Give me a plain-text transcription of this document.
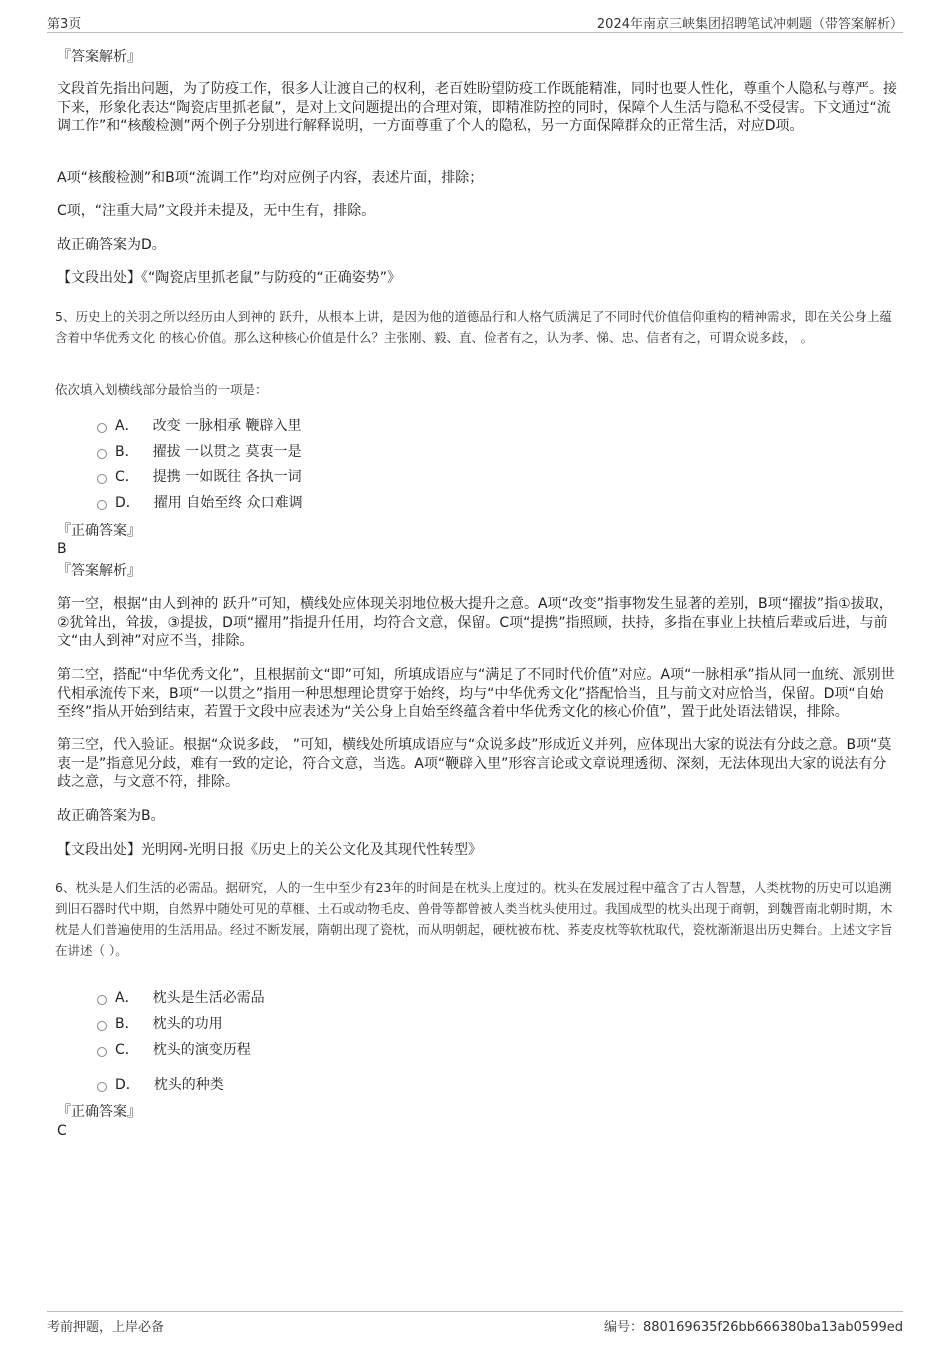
第3页	2024年南京三峡集团招聘笔试冲刺题（带答案解析）

『答案解析』

文段首先指出问题，为了防疫工作，很多人让渡自己的权利，老百姓盼望防疫工作既能精准，同时也要人性化，尊重个人隐私与尊严。接下来，形象化表达“陶瓷店里抓老鼠”，是对上文问题提出的合理对策，即精准防控的同时，保障个人生活与隐私不受侵害。下文通过“流调工作”和“核酸检测”两个例子分别进行解释说明，一方面尊重了个人的隐私，另一方面保障群众的正常生活，对应D项。

A项“核酸检测”和B项“流调工作”均对应例子内容，表述片面，排除；

C项，“注重大局”文段并未提及，无中生有，排除。

故正确答案为D。

【文段出处】《“陶瓷店里抓老鼠”与防疫的“正确姿势”》

5、历史上的关羽之所以经历由人到神的 跃升，从根本上讲，是因为他的道德品行和人格气质满足了不同时代价值信仰重构的精神需求，即在关公身上蕴含着中华优秀文化 的核心价值。那么这种核心价值是什么？主张刚、毅、直、俭者有之，认为孝、悌、忠、信者有之，可谓众说多歧， 。

依次填入划横线部分最恰当的一项是：

A． 改变 一脉相承 鞭辟入里
B． 擢拔 一以贯之 莫衷一是
C． 提携 一如既往 各执一词
D． 擢用 自始至终 众口难调

『正确答案』

B

『答案解析』

第一空，根据“由人到神的 跃升”可知，横线处应体现关羽地位极大提升之意。A项“改变”指事物发生显著的差别，B项“擢拔”指①拔取，②犹耸出，耸拔，③提拔，D项“擢用”指提升任用，均符合文意，保留。C项“提携”指照顾，扶持，多指在事业上扶植后辈或后进，与前文“由人到神”对应不当，排除。

第二空，搭配“中华优秀文化”，且根据前文“即”可知，所填成语应与“满足了不同时代价值”对应。A项“一脉相承”指从同一血统、派别世代相承流传下来，B项“一以贯之”指用一种思想理论贯穿于始终，均与“中华优秀文化”搭配恰当，且与前文对应恰当，保留。D项“自始至终”指从开始到结束，若置于文段中应表述为“关公身上自始至终蕴含着中华优秀文化的核心价值”，置于此处语法错误，排除。

第三空，代入验证。根据“众说多歧， ”可知，横线处所填成语应与“众说多歧”形成近义并列，应体现出大家的说法有分歧之意。B项“莫衷一是”指意见分歧，难有一致的定论，符合文意，当选。A项“鞭辟入里”形容言论或文章说理透彻、深刻，无法体现出大家的说法有分歧之意，与文意不符，排除。

故正确答案为B。

【文段出处】光明网-光明日报《历史上的关公文化及其现代性转型》

6、枕头是人们生活的必需品。据研究，人的一生中至少有23年的时间是在枕头上度过的。枕头在发展过程中蕴含了古人智慧，人类枕物的历史可以追溯到旧石器时代中期，自然界中随处可见的草榧、土石或动物毛皮、兽骨等都曾被人类当枕头使用过。我国成型的枕头出现于商朝，到魏晋南北朝时期，木枕是人们普遍使用的生活用品。经过不断发展，隋朝出现了瓷枕，而从明朝起，硬枕被布枕、荞麦皮枕等软枕取代，瓷枕渐渐退出历史舞台。上述文字旨在讲述（ ）。

A． 枕头是生活必需品
B． 枕头的功用
C． 枕头的演变历程
D． 枕头的种类

『正确答案』

C

考前押题，上岸必备	编号：880169635f26bb666380ba13ab0599ed
